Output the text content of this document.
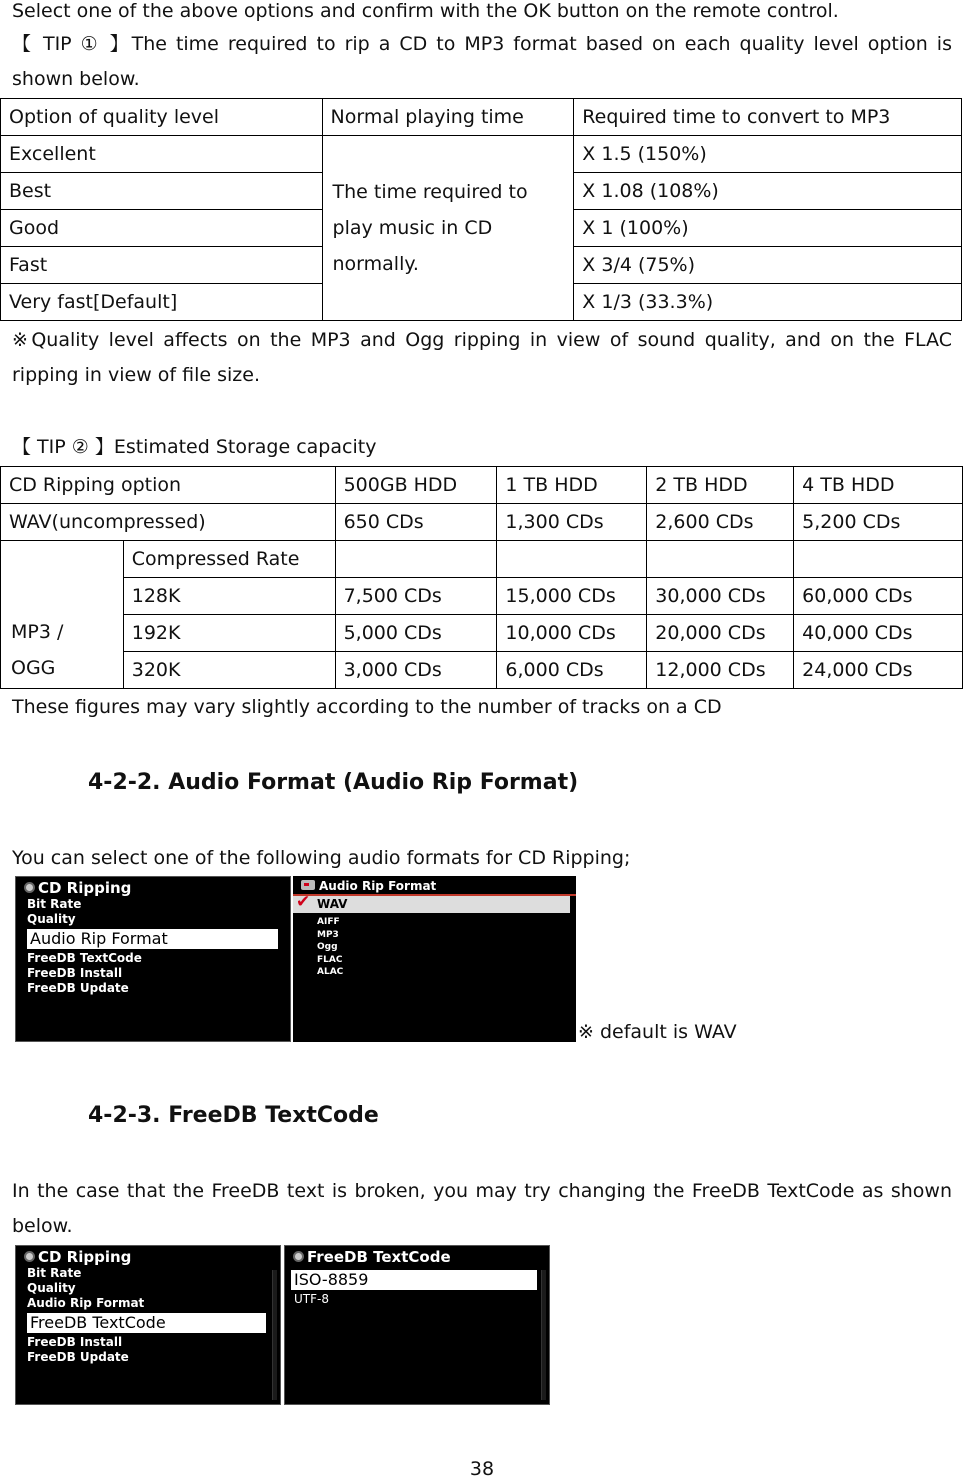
Select one of the above options and confirm with the OK button on the remote control.
【 TIP ① 】The time required to rip a CD to MP3 format based on each quality level option is shown below.
Option of quality level	Normal playing time	Required time to convert to MP3
Excellent	The time required to play music in CD normally.	X 1.5 (150%)
Best		X 1.08 (108%)
Good		X 1 (100%)
Fast		X 3/4 (75%)
Very fast[Default]		X 1/3 (33.3%)
※Quality level affects on the MP3 and Ogg ripping in view of sound quality, and on the FLAC ripping in view of file size.
【 TIP ② 】Estimated Storage capacity
CD Ripping option		500GB HDD	1 TB HDD	2 TB HDD	4 TB HDD
WAV(uncompressed)		650 CDs	1,300 CDs	2,600 CDs	5,200 CDs
MP3 / OGG	Compressed Rate				
	128K	7,500 CDs	15,000 CDs	30,000 CDs	60,000 CDs
	192K	5,000 CDs	10,000 CDs	20,000 CDs	40,000 CDs
	320K	3,000 CDs	6,000 CDs	12,000 CDs	24,000 CDs
These figures may vary slightly according to the number of tracks on a CD
4-2-2. Audio Format (Audio Rip Format)
You can select one of the following audio formats for CD Ripping;
CD Ripping
Bit Rate
Quality
Audio Rip Format
FreeDB TextCode
FreeDB Install
FreeDB Update
Audio Rip Format
✔ WAV
AIFF
MP3
Ogg
FLAC
ALAC
※ default is WAV
4-2-3. FreeDB TextCode
In the case that the FreeDB text is broken, you may try changing the FreeDB TextCode as shown below.
CD Ripping
Bit Rate
Quality
Audio Rip Format
FreeDB TextCode
FreeDB Install
FreeDB Update
FreeDB TextCode
ISO-8859
UTF-8
38
